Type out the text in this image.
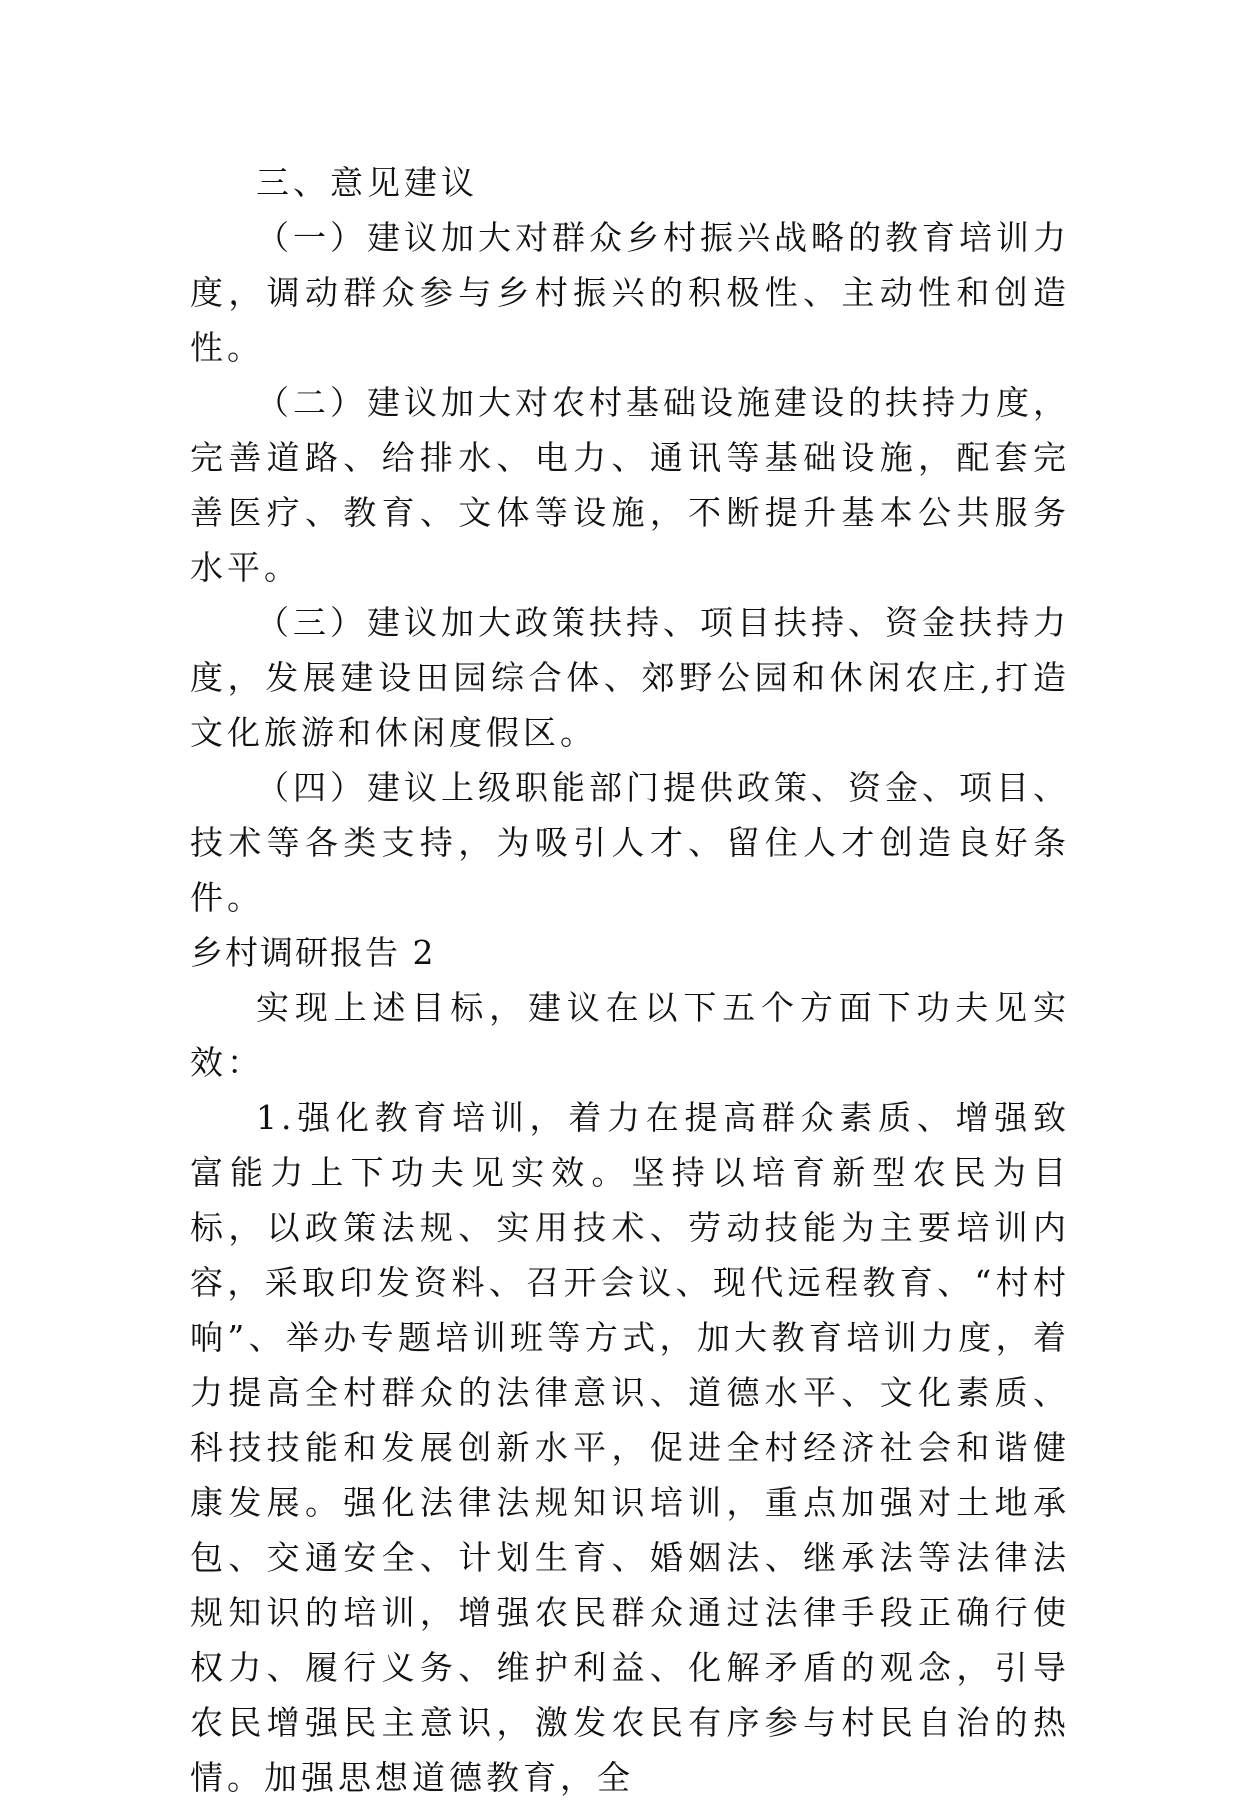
三、意见建议

（一）建议加大对群众乡村振兴战略的教育培训力度，调动群众参与乡村振兴的积极性、主动性和创造性。

（二）建议加大对农村基础设施建设的扶持力度，完善道路、给排水、电力、通讯等基础设施，配套完善医疗、教育、文体等设施，不断提升基本公共服务水平。

（三）建议加大政策扶持、项目扶持、资金扶持力度，发展建设田园综合体、郊野公园和休闲农庄,打造文化旅游和休闲度假区。

（四）建议上级职能部门提供政策、资金、项目、技术等各类支持，为吸引人才、留住人才创造良好条件。

乡村调研报告 2

实现上述目标，建议在以下五个方面下功夫见实效：

1.强化教育培训，着力在提高群众素质、增强致富能力上下功夫见实效。坚持以培育新型农民为目标，以政策法规、实用技术、劳动技能为主要培训内容，采取印发资料、召开会议、现代远程教育、“村村响”、举办专题培训班等方式，加大教育培训力度，着力提高全村群众的法律意识、道德水平、文化素质、科技技能和发展创新水平，促进全村经济社会和谐健康发展。强化法律法规知识培训，重点加强对土地承包、交通安全、计划生育、婚姻法、继承法等法律法规知识的培训，增强农民群众通过法律手段正确行使权力、履行义务、维护利益、化解矛盾的观念，引导农民增强民主意识，激发农民有序参与村民自治的热情。加强思想道德教育，全
